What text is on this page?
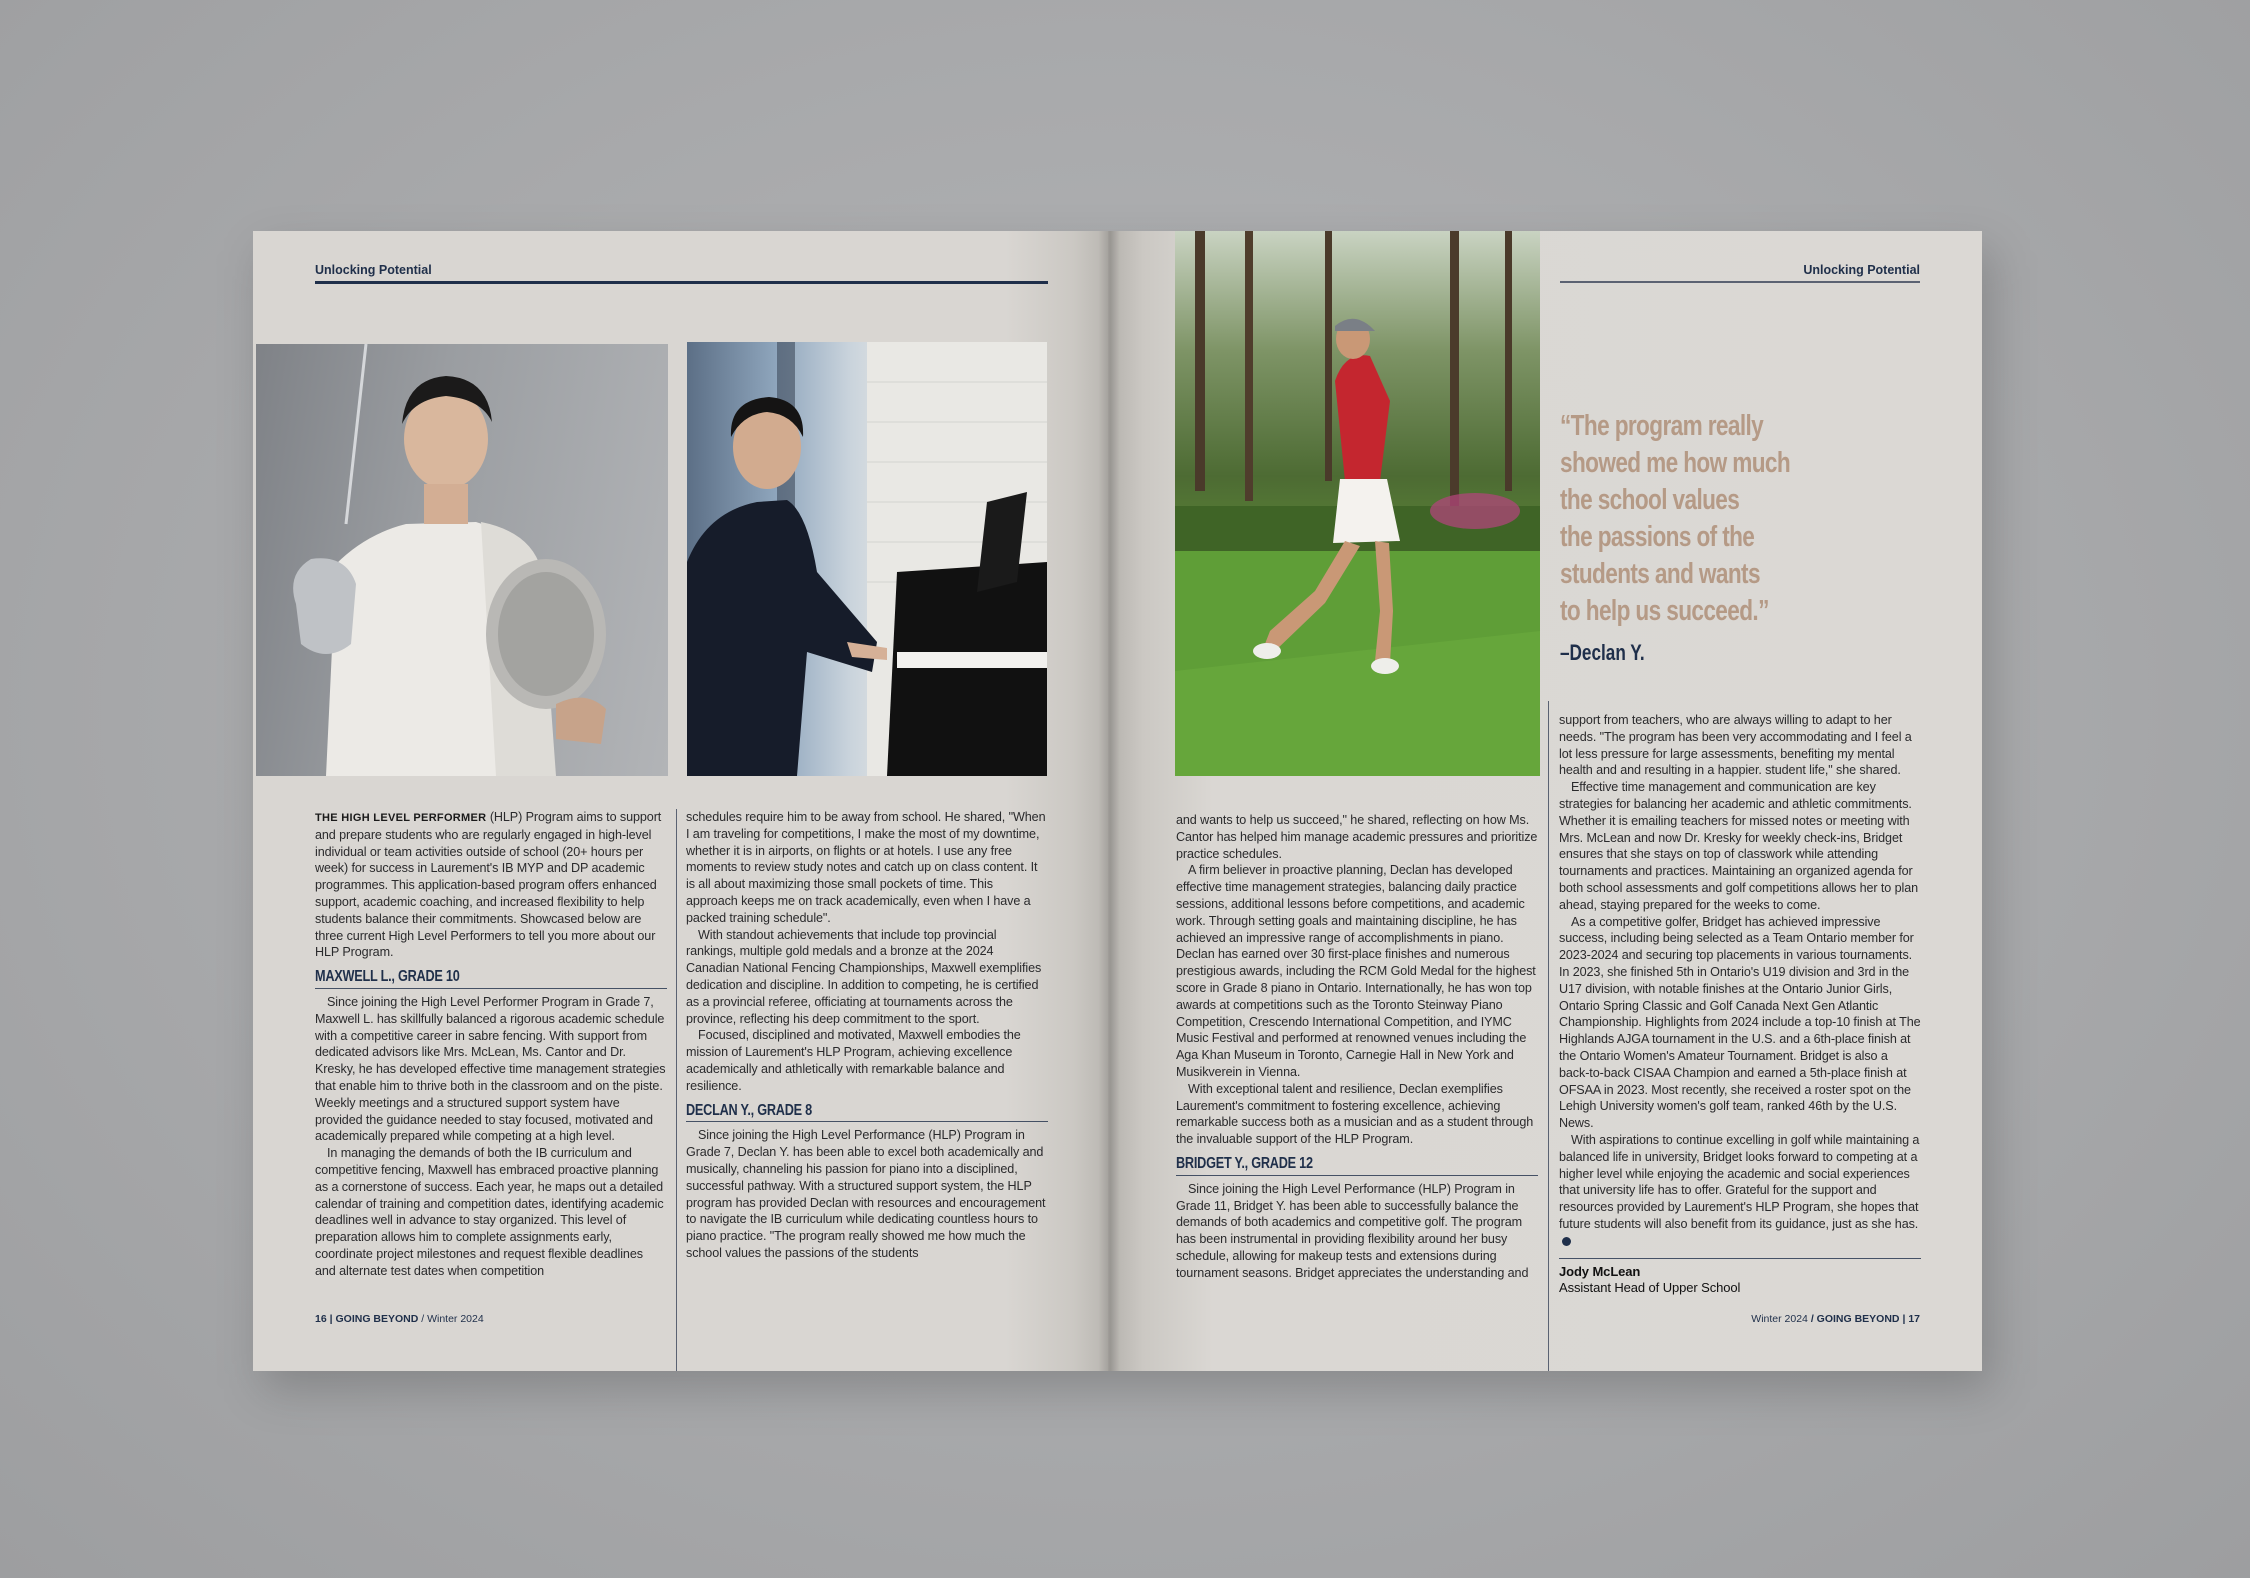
Unlocking Potential

THE HIGH LEVEL PERFORMER (HLP) Program aims to support and prepare students who are regularly engaged in high-level individual or team activities outside of school (20+ hours per week) for success in Laurement's IB MYP and DP academic programmes. This application-based program offers enhanced support, academic coaching, and increased flexibility to help students balance their commitments. Showcased below are three current High Level Performers to tell you more about our HLP Program.

MAXWELL L., GRADE 10

Since joining the High Level Performer Program in Grade 7, Maxwell L. has skillfully balanced a rigorous academic schedule with a competitive career in sabre fencing. With support from dedicated advisors like Mrs. McLean, Ms. Cantor and Dr. Kresky, he has developed effective time management strategies that enable him to thrive both in the classroom and on the piste. Weekly meetings and a structured support system have provided the guidance needed to stay focused, motivated and academically prepared while competing at a high level.

In managing the demands of both the IB curriculum and competitive fencing, Maxwell has embraced proactive planning as a cornerstone of success. Each year, he maps out a detailed calendar of training and competition dates, identifying academic deadlines well in advance to stay organized. This level of preparation allows him to complete assignments early, coordinate project milestones and request flexible deadlines and alternate test dates when competition

schedules require him to be away from school. He shared, "When I am traveling for competitions, I make the most of my downtime, whether it is in airports, on flights or at hotels. I use any free moments to review study notes and catch up on class content. It is all about maximizing those small pockets of time. This approach keeps me on track academically, even when I have a packed training schedule".

With standout achievements that include top provincial rankings, multiple gold medals and a bronze at the 2024 Canadian National Fencing Championships, Maxwell exemplifies dedication and discipline. In addition to competing, he is certified as a provincial referee, officiating at tournaments across the province, reflecting his deep commitment to the sport.

Focused, disciplined and motivated, Maxwell embodies the mission of Laurement's HLP Program, achieving excellence academically and athletically with remarkable balance and resilience.

DECLAN Y., GRADE 8

Since joining the High Level Performance (HLP) Program in Grade 7, Declan Y. has been able to excel both academically and musically, channeling his passion for piano into a disciplined, successful pathway. With a structured support system, the HLP program has provided Declan with resources and encouragement to navigate the IB curriculum while dedicating countless hours to piano practice. "The program really showed me how much the school values the passions of the students

16 | GOING BEYOND / Winter 2024
Unlocking Potential

and wants to help us succeed," he shared, reflecting on how Ms. Cantor has helped him manage academic pressures and prioritize practice schedules.

A firm believer in proactive planning, Declan has developed effective time management strategies, balancing daily practice sessions, additional lessons before competitions, and academic work. Through setting goals and maintaining discipline, he has achieved an impressive range of accomplishments in piano. Declan has earned over 30 first-place finishes and numerous prestigious awards, including the RCM Gold Medal for the highest score in Grade 8 piano in Ontario. Internationally, he has won top awards at competitions such as the Toronto Steinway Piano Competition, Crescendo International Competition, and IYMC Music Festival and performed at renowned venues including the Aga Khan Museum in Toronto, Carnegie Hall in New York and Musikverein in Vienna.

With exceptional talent and resilience, Declan exemplifies Laurement's commitment to fostering excellence, achieving remarkable success both as a musician and as a student through the invaluable support of the HLP Program.

BRIDGET Y., GRADE 12

Since joining the High Level Performance (HLP) Program in Grade 11, Bridget Y. has been able to successfully balance the demands of both academics and competitive golf. The program has been instrumental in providing flexibility around her busy schedule, allowing for makeup tests and extensions during tournament seasons. Bridget appreciates the understanding and

support from teachers, who are always willing to adapt to her needs. "The program has been very accommodating and I feel a lot less pressure for large assessments, benefiting my mental health and and resulting in a happier. student life," she shared.

Effective time management and communication are key strategies for balancing her academic and athletic commitments. Whether it is emailing teachers for missed notes or meeting with Mrs. McLean and now Dr. Kresky for weekly check-ins, Bridget ensures that she stays on top of classwork while attending tournaments and practices. Maintaining an organized agenda for both school assessments and golf competitions allows her to plan ahead, staying prepared for the weeks to come.

As a competitive golfer, Bridget has achieved impressive success, including being selected as a Team Ontario member for 2023-2024 and securing top placements in various tournaments. In 2023, she finished 5th in Ontario's U19 division and 3rd in the U17 division, with notable finishes at the Ontario Junior Girls, Ontario Spring Classic and Golf Canada Next Gen Atlantic Championship. Highlights from 2024 include a top-10 finish at The Highlands AJGA tournament in the U.S. and a 6th-place finish at the Ontario Women's Amateur Tournament. Bridget is also a back-to-back CISAA Champion and earned a 5th-place finish at OFSAA in 2023. Most recently, she received a roster spot on the Lehigh University women's golf team, ranked 46th by the U.S. News.

With aspirations to continue excelling in golf while maintaining a balanced life in university, Bridget looks forward to competing at a higher level while enjoying the academic and social experiences that university life has to offer. Grateful for the support and resources provided by Laurement's HLP Program, she hopes that future students will also benefit from its guidance, just as she has.

Jody McLean
Assistant Head of Upper School
Winter 2024 / GOING BEYOND | 17
“The program really
showed me how much
the school values
the passions of the
students and wants
to help us succeed.”
–Declan Y.
